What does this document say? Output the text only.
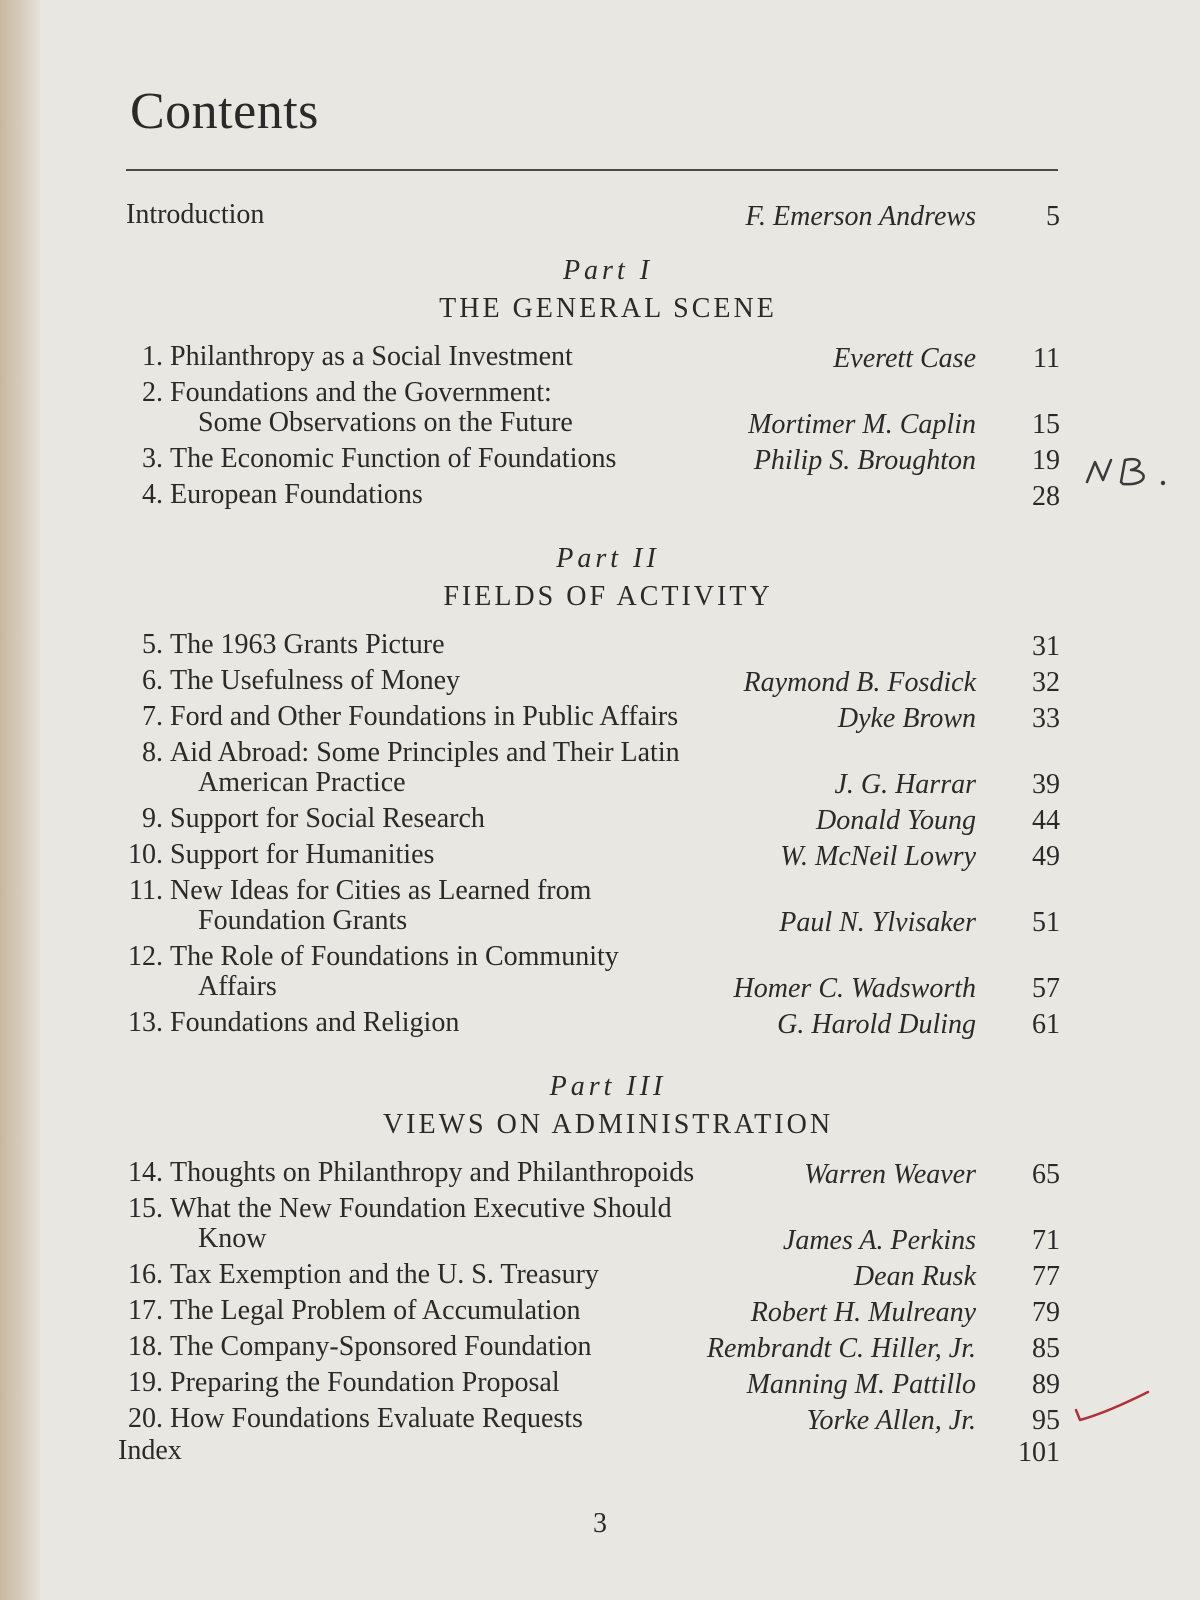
Contents
Introduction	F. Emerson Andrews	5
Part I
THE GENERAL SCENE
1. Philanthropy as a Social Investment	Everett Case 11
2. Foundations and the Government:
Some Observations on the Future	Mortimer M. Caplin 15
3. The Economic Function of Foundations	Philip S. Broughton 19
4. European Foundations	28
Part II
FIELDS OF ACTIVITY
5. The 1963 Grants Picture	31
6. The Usefulness of Money	Raymond B. Fosdick 32
7. Ford and Other Foundations in Public Affairs	Dyke Brown 33
8. Aid Abroad: Some Principles and Their Latin
American Practice	J. G. Harrar 39
9. Support for Social Research	Donald Young 44
10. Support for Humanities	W. McNeil Lowry 49
11. New Ideas for Cities as Learned from
Foundation Grants	Paul N. Ylvisaker 51
12. The Role of Foundations in Community
Affairs	Homer C. Wadsworth 57
13. Foundations and Religion	G. Harold Duling 61
Part III
VIEWS ON ADMINISTRATION
14. Thoughts on Philanthropy and Philanthropoids	Warren Weaver 65
15. What the New Foundation Executive Should
Know	James A. Perkins 71
16. Tax Exemption and the U. S. Treasury	Dean Rusk 77
17. The Legal Problem of Accumulation	Robert H. Mulreany 79
18. The Company-Sponsored Foundation	Rembrandt C. Hiller, Jr. 85
19. Preparing the Foundation Proposal	Manning M. Pattillo 89
20. How Foundations Evaluate Requests	Yorke Allen, Jr. 95
Index	101
3
